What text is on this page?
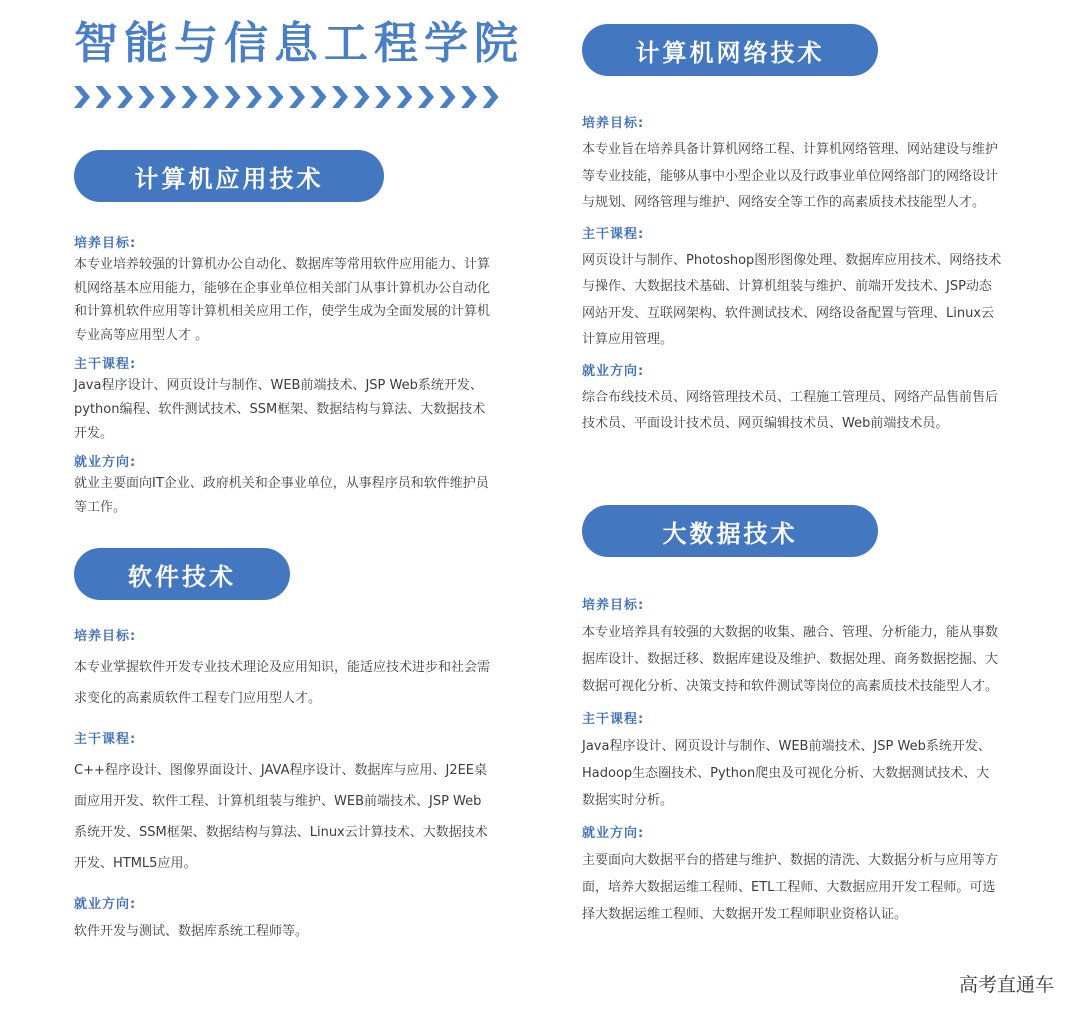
智能与信息工程学院
计算机应用技术
培养目标:
本专业培养较强的计算机办公自动化、数据库等常用软件应用能力、计算机网络基本应用能力，能够在企事业单位相关部门从事计算机办公自动化和计算机软件应用等计算机相关应用工作，使学生成为全面发展的计算机专业高等应用型人才 。
主干课程:
Java程序设计、网页设计与制作、WEB前端技术、JSP Web系统开发、python编程、软件测试技术、SSM框架、数据结构与算法、大数据技术开发。
就业方向:
就业主要面向IT企业、政府机关和企事业单位，从事程序员和软件维护员等工作。
软件技术
培养目标:
本专业掌握软件开发专业技术理论及应用知识，能适应技术进步和社会需求变化的高素质软件工程专门应用型人才。
主干课程:
C++程序设计、图像界面设计、JAVA程序设计、数据库与应用、J2EE桌面应用开发、软件工程、计算机组装与维护、WEB前端技术、JSP Web系统开发、SSM框架、数据结构与算法、Linux云计算技术、大数据技术开发、HTML5应用。
就业方向:
软件开发与测试、数据库系统工程师等。
计算机网络技术
培养目标:
本专业旨在培养具备计算机网络工程、计算机网络管理、网站建设与维护等专业技能，能够从事中小型企业以及行政事业单位网络部门的网络设计与规划、网络管理与维护、网络安全等工作的高素质技术技能型人才。
主干课程:
网页设计与制作、Photoshop图形图像处理、数据库应用技术、网络技术与操作、大数据技术基础、计算机组装与维护、前端开发技术、JSP动态网站开发、互联网架构、软件测试技术、网络设备配置与管理、Linux云计算应用管理。
就业方向:
综合布线技术员、网络管理技术员、工程施工管理员、网络产品售前售后技术员、平面设计技术员、网页编辑技术员、Web前端技术员。
大数据技术
培养目标:
本专业培养具有较强的大数据的收集、融合、管理、分析能力，能从事数据库设计、数据迁移、数据库建设及维护、数据处理、商务数据挖掘、大数据可视化分析、决策支持和软件测试等岗位的高素质技术技能型人才。
主干课程:
Java程序设计、网页设计与制作、WEB前端技术、JSP Web系统开发、Hadoop生态圈技术、Python爬虫及可视化分析、大数据测试技术、大数据实时分析。
就业方向:
主要面向大数据平台的搭建与维护、数据的清洗、大数据分析与应用等方面，培养大数据运维工程师、ETL工程师、大数据应用开发工程师。可选择大数据运维工程师、大数据开发工程师职业资格认证。
高考直通车
